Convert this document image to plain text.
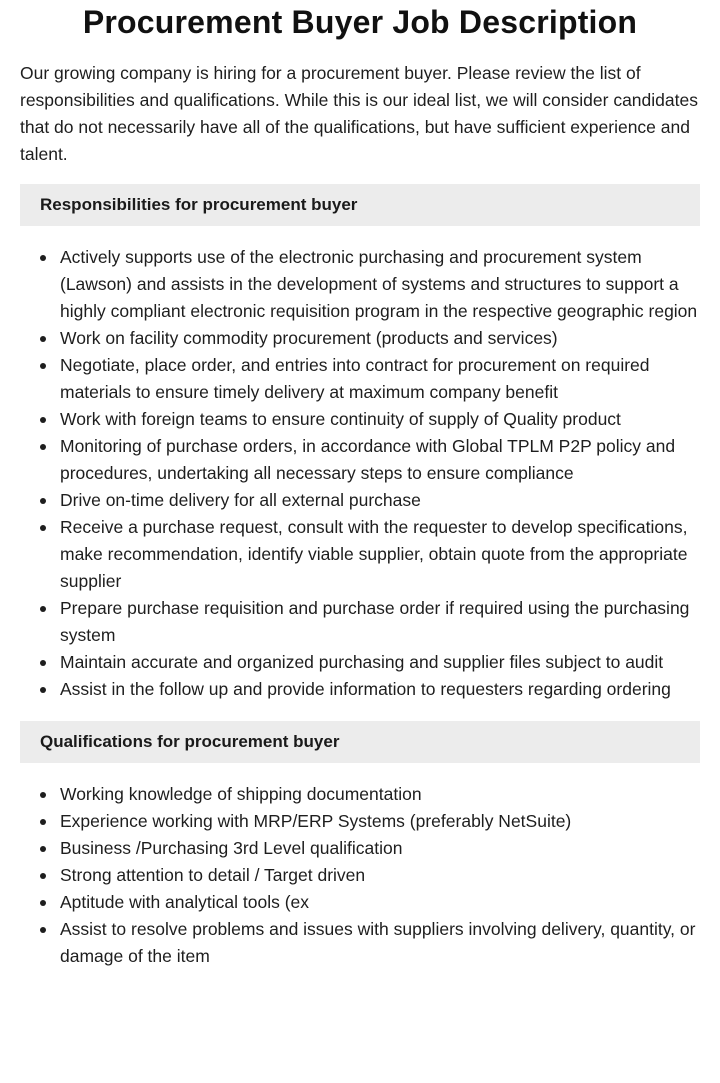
Procurement Buyer Job Description

Our growing company is hiring for a procurement buyer. Please review the list of responsibilities and qualifications. While this is our ideal list, we will consider candidates that do not necessarily have all of the qualifications, but have sufficient experience and talent.

Responsibilities for procurement buyer
Actively supports use of the electronic purchasing and procurement system (Lawson) and assists in the development of systems and structures to support a highly compliant electronic requisition program in the respective geographic region
Work on facility commodity procurement (products and services)
Negotiate, place order, and entries into contract for procurement on required materials to ensure timely delivery at maximum company benefit
Work with foreign teams to ensure continuity of supply of Quality product
Monitoring of purchase orders, in accordance with Global TPLM P2P policy and procedures, undertaking all necessary steps to ensure compliance
Drive on-time delivery for all external purchase
Receive a purchase request, consult with the requester to develop specifications, make recommendation, identify viable supplier, obtain quote from the appropriate supplier
Prepare purchase requisition and purchase order if required using the purchasing system
Maintain accurate and organized purchasing and supplier files subject to audit
Assist in the follow up and provide information to requesters regarding ordering
Qualifications for procurement buyer
Working knowledge of shipping documentation
Experience working with MRP/ERP Systems (preferably NetSuite)
Business /Purchasing 3rd Level qualification
Strong attention to detail / Target driven
Aptitude with analytical tools (ex
Assist to resolve problems and issues with suppliers involving delivery, quantity, or damage of the item
